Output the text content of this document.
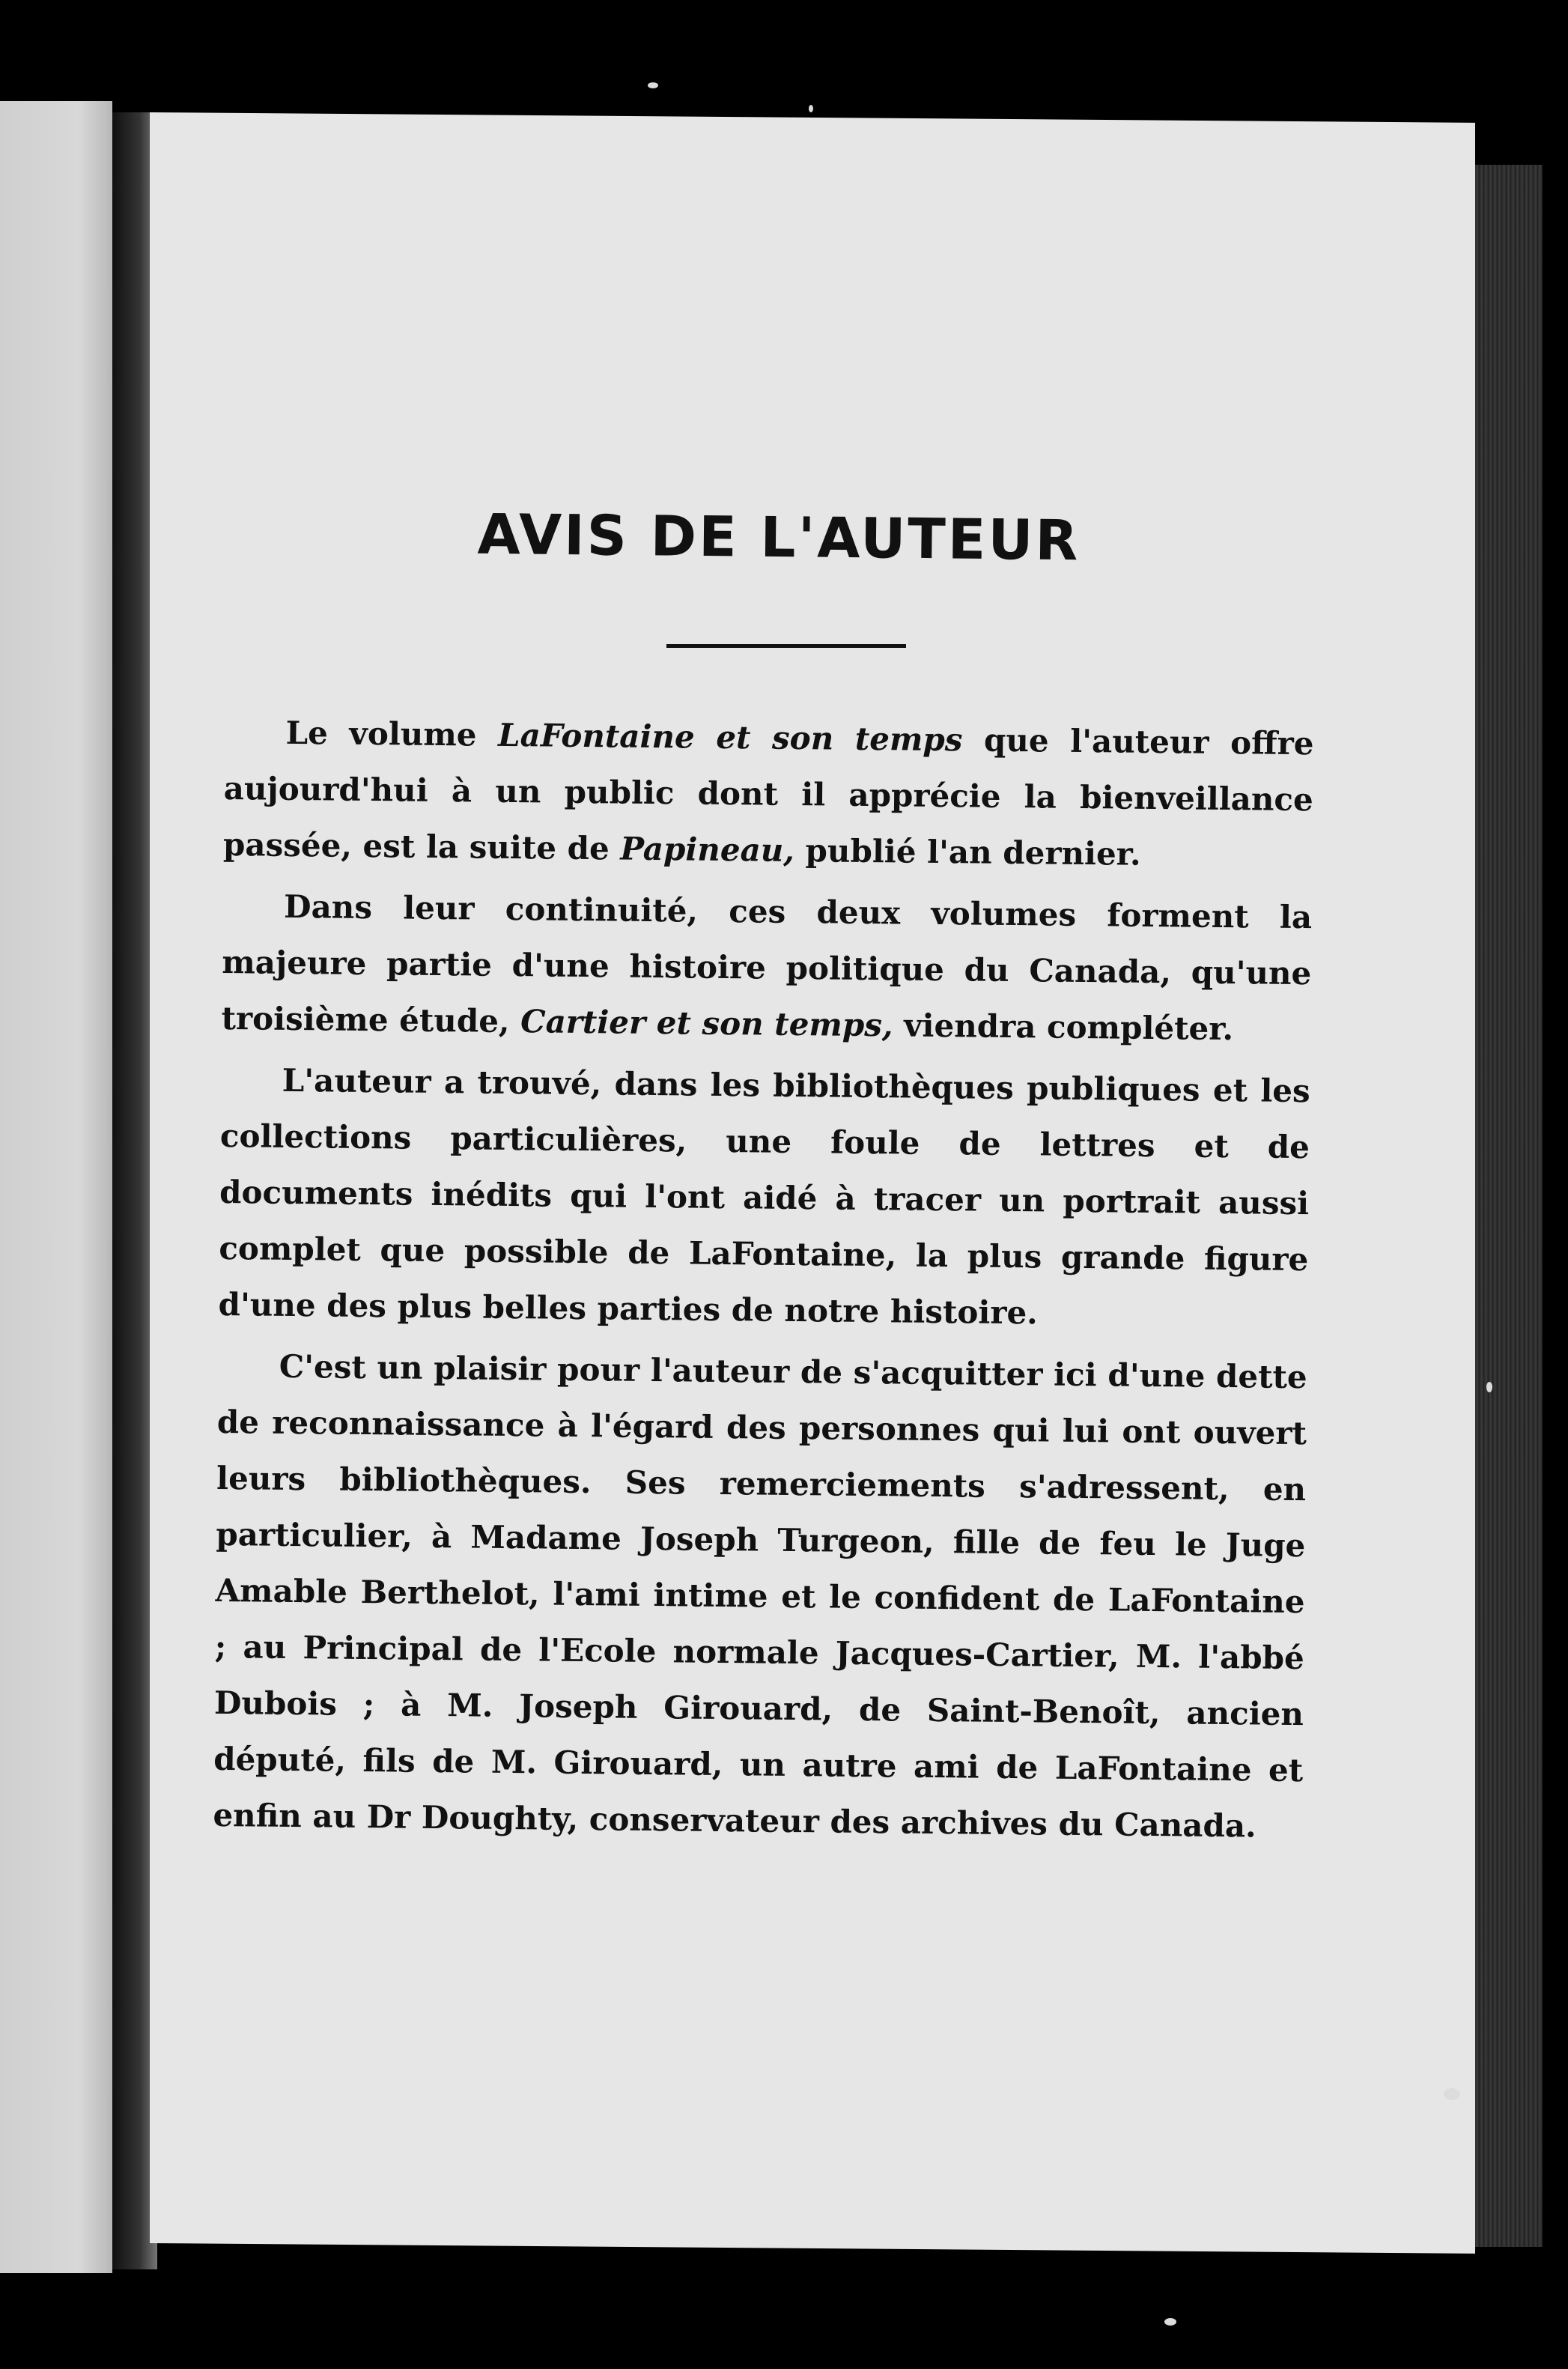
AVIS DE L'AUTEUR

Le volume LaFontaine et son temps que l'auteur offre aujourd'hui à un public dont il apprécie la bienveillance passée, est la suite de Papineau, publié l'an dernier.

Dans leur continuité, ces deux volumes forment la majeure partie d'une histoire politique du Canada, qu'une troisième étude, Cartier et son temps, viendra compléter.

L'auteur a trouvé, dans les bibliothèques publiques et les collections particulières, une foule de lettres et de documents inédits qui l'ont aidé à tracer un portrait aussi complet que possible de LaFontaine, la plus grande figure d'une des plus belles parties de notre histoire.

C'est un plaisir pour l'auteur de s'acquitter ici d'une dette de reconnaissance à l'égard des personnes qui lui ont ouvert leurs bibliothèques. Ses remerciements s'adressent, en particulier, à Madame Joseph Turgeon, fille de feu le Juge Amable Berthelot, l'ami intime et le confident de LaFontaine ; au Principal de l'Ecole normale Jacques-Cartier, M. l'abbé Dubois ; à M. Joseph Girouard, de Saint-Benoît, ancien député, fils de M. Girouard, un autre ami de LaFontaine et enfin au Dr Doughty, conservateur des archives du Canada.
